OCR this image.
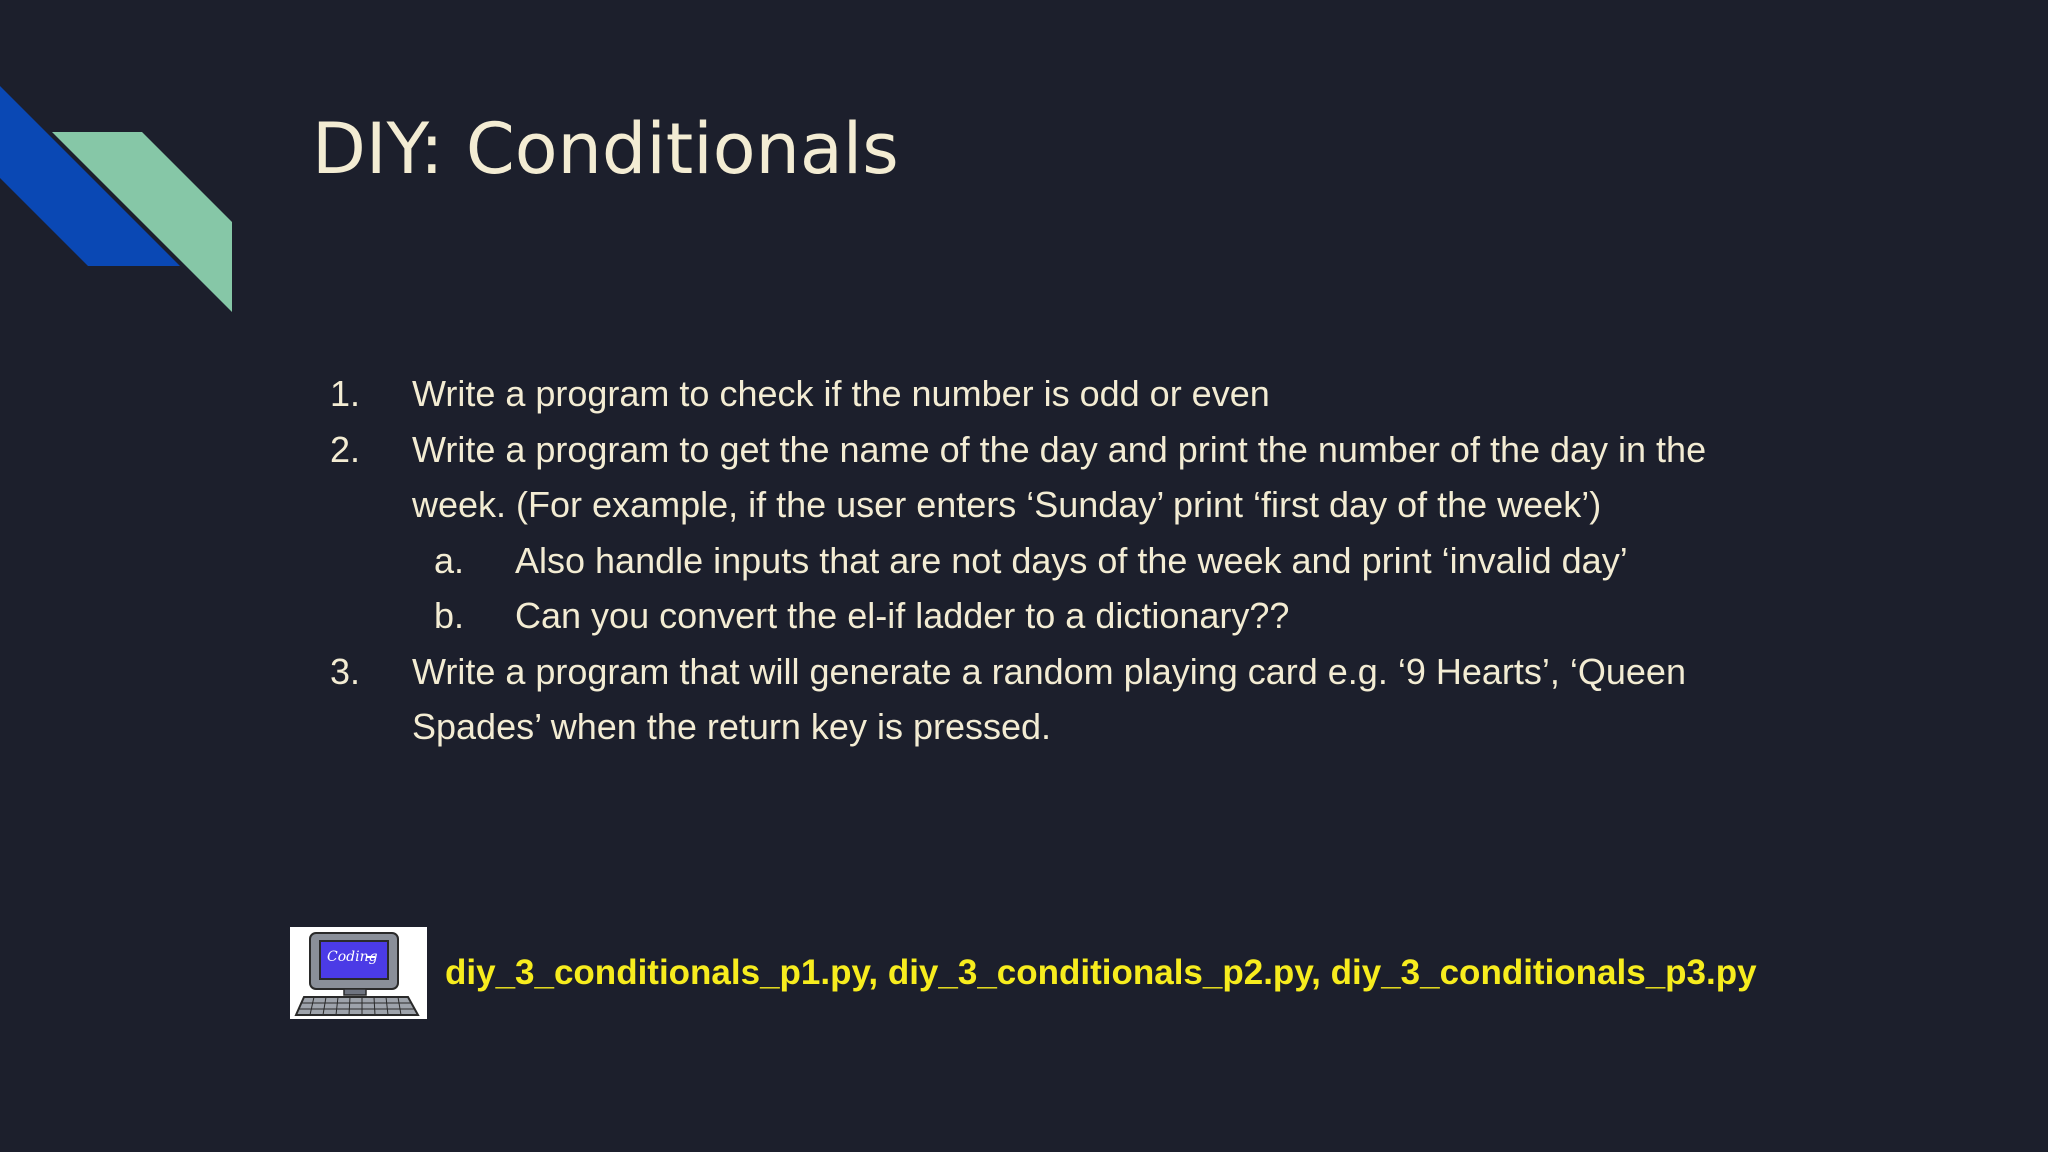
DIY: Conditionals
1. Write a program to check if the number is odd or even
2. Write a program to get the name of the day and print the number of the day in the
week. (For example, if the user enters ‘Sunday’ print ‘first day of the week’)
a. Also handle inputs that are not days of the week and print ‘invalid day’
b. Can you convert the el-if ladder to a dictionary??
3. Write a program that will generate a random playing card e.g. ‘9 Hearts’, ‘Queen
Spades’ when the return key is pressed.
Coding diy_3_conditionals_p1.py, diy_3_conditionals_p2.py, diy_3_conditionals_p3.py
